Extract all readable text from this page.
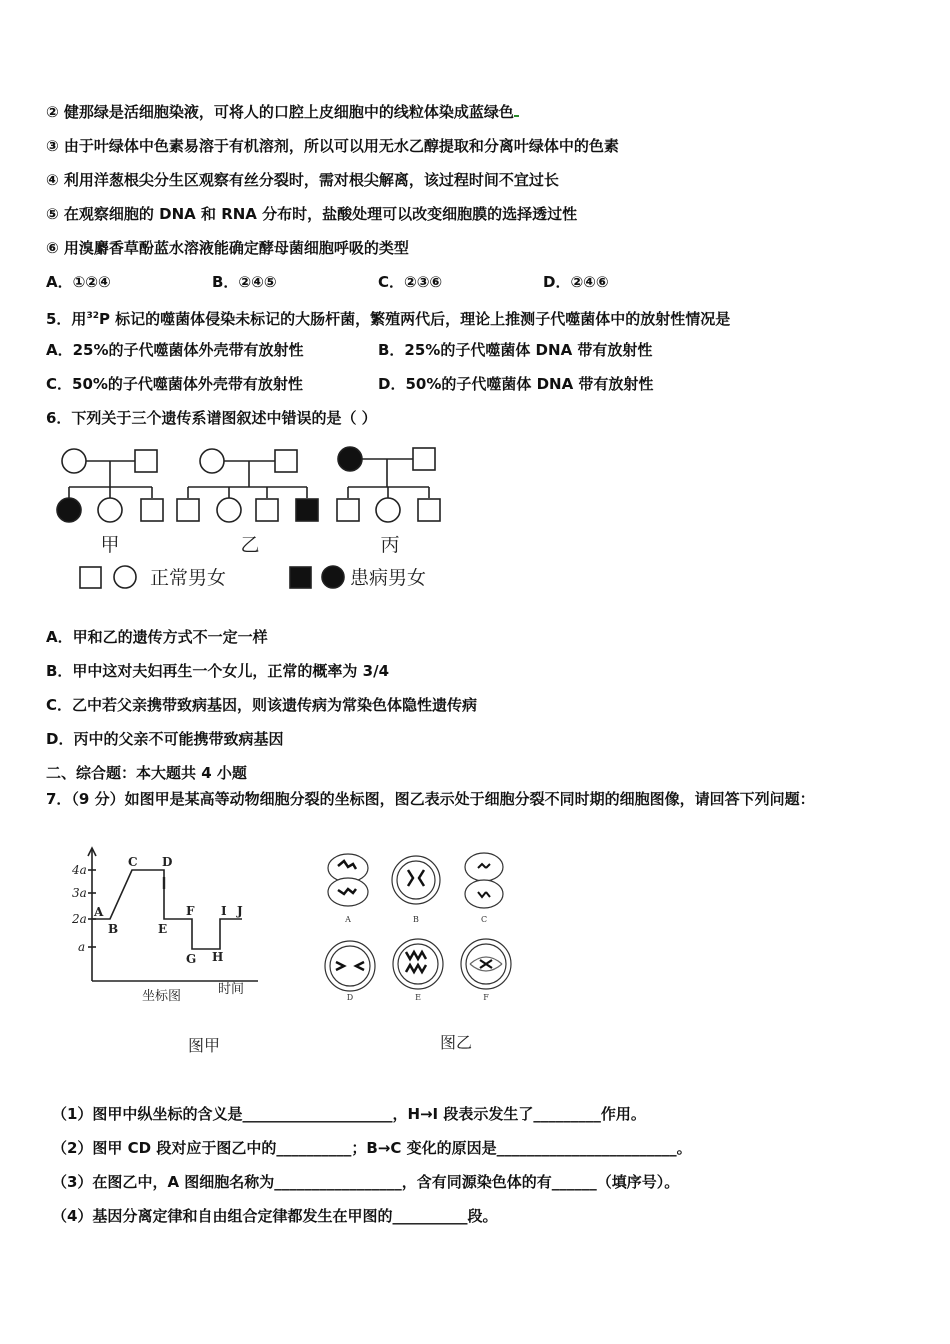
② 健那绿是活细胞染液，可将人的口腔上皮细胞中的线粒体染成蓝绿色
③ 由于叶绿体中色素易溶于有机溶剂，所以可以用无水乙醇提取和分离叶绿体中的色素
④ 利用洋葱根尖分生区观察有丝分裂时，需对根尖解离，该过程时间不宜过长
⑤ 在观察细胞的 DNA 和 RNA 分布时，盐酸处理可以改变细胞膜的选择透过性
⑥ 用溴麝香草酚蓝水溶液能确定酵母菌细胞呼吸的类型
A．①②④	B．②④⑤	C．②③⑥	D．②④⑥
5．用$^{32}$P 标记的噬菌体侵染未标记的大肠杆菌，繁殖两代后，理论上推测子代噬菌体中的放射性情况是
A．25%的子代噬菌体外壳带有放射性	B．25%的子代噬菌体 DNA 带有放射性
C．50%的子代噬菌体外壳带有放射性	D．50%的子代噬菌体 DNA 带有放射性
6．下列关于三个遗传系谱图叙述中错误的是（ ）
甲	乙	丙
正常男女	患病男女
A．甲和乙的遗传方式不一定一样
B．甲中这对夫妇再生一个女儿，正常的概率为 3/4
C．乙中若父亲携带致病基因，则该遗传病为常染色体隐性遗传病
D．丙中的父亲不可能携带致病基因
二、综合题：本大题共 4 小题
7．（9 分）如图甲是某高等动物细胞分裂的坐标图，图乙表示处于细胞分裂不同时期的细胞图像，请回答下列问题：
4a
3a
2a
a
A
B
C D
E
F
G H
I J
坐标图	时间
图甲
A	B	C
D	E	F
图乙
（1）图甲中纵坐标的含义是____________________，H→I 段表示发生了_________作用。
（2）图甲 CD 段对应于图乙中的__________；B→C 变化的原因是________________________。
（3）在图乙中，A 图细胞名称为_________________，含有同源染色体的有______（填序号）。
（4）基因分离定律和自由组合定律都发生在甲图的__________段。
